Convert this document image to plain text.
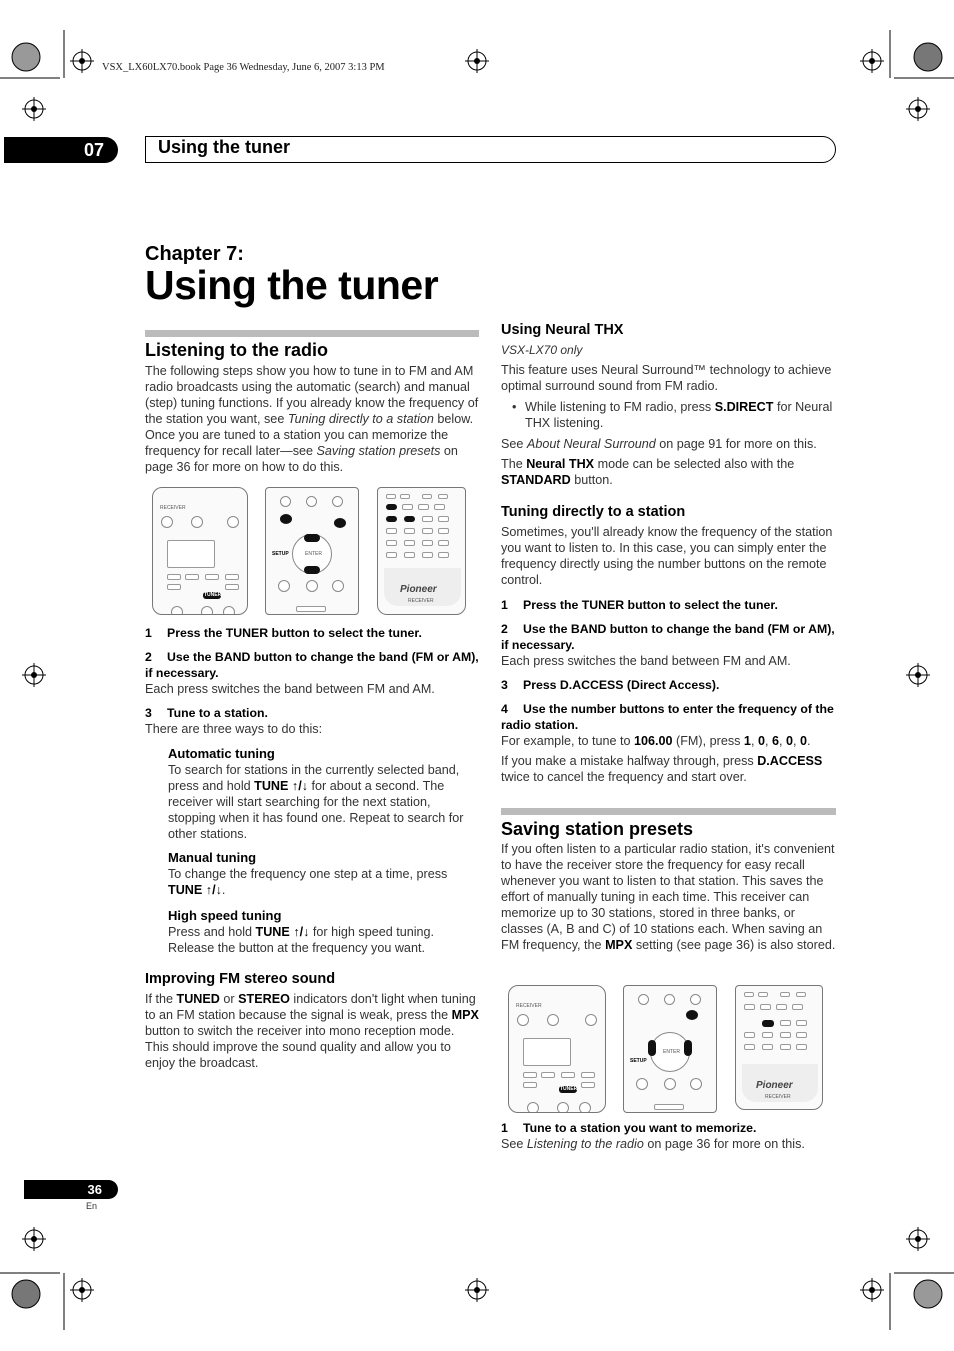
VSX_LX60LX70.book Page 36 Wednesday, June 6, 2007 3:13 PM
07	Using the tuner
Chapter 7:
Using the tuner
Listening to the radio
The following steps show you how to tune in to FM and AM radio broadcasts using the automatic (search) and manual (step) tuning functions. If you already know the frequency of the station you want, see Tuning directly to a station below. Once you are tuned to a station you can memorize the frequency for recall later—see Saving station presets on page 36 for more on how to do this.
RECEIVER
TUNER
ENTER
SETUP
Pioneer
RECEIVER
1 Press the TUNER button to select the tuner.
2 Use the BAND button to change the band (FM or AM), if necessary.
Each press switches the band between FM and AM.
3 Tune to a station.
There are three ways to do this:
Automatic tuning
To search for stations in the currently selected band, press and hold TUNE ↑/↓ for about a second. The receiver will start searching for the next station, stopping when it has found one. Repeat to search for other stations.
Manual tuning
To change the frequency one step at a time, press TUNE ↑/↓.
High speed tuning
Press and hold TUNE ↑/↓ for high speed tuning. Release the button at the frequency you want.
Improving FM stereo sound
If the TUNED or STEREO indicators don't light when tuning to an FM station because the signal is weak, press the MPX button to switch the receiver into mono reception mode. This should improve the sound quality and allow you to enjoy the broadcast.
Using Neural THX
VSX-LX70 only
This feature uses Neural Surround™ technology to achieve optimal surround sound from FM radio.
• While listening to FM radio, press S.DIRECT for Neural THX listening.
See About Neural Surround on page 91 for more on this.
The Neural THX mode can be selected also with the STANDARD button.
Tuning directly to a station
Sometimes, you'll already know the frequency of the station you want to listen to. In this case, you can simply enter the frequency directly using the number buttons on the remote control.
1 Press the TUNER button to select the tuner.
2 Use the BAND button to change the band (FM or AM), if necessary.
Each press switches the band between FM and AM.
3 Press D.ACCESS (Direct Access).
4 Use the number buttons to enter the frequency of the radio station.
For example, to tune to 106.00 (FM), press 1, 0, 6, 0, 0.
If you make a mistake halfway through, press D.ACCESS twice to cancel the frequency and start over.
Saving station presets
If you often listen to a particular radio station, it's convenient to have the receiver store the frequency for easy recall whenever you want to listen to that station. This saves the effort of manually tuning in each time. This receiver can memorize up to 30 stations, stored in three banks, or classes (A, B and C) of 10 stations each. When saving an FM frequency, the MPX setting (see page 36) is also stored.
RECEIVER
TUNER
ENTER
SETUP
Pioneer
RECEIVER
1 Tune to a station you want to memorize.
See Listening to the radio on page 36 for more on this.
36
En
